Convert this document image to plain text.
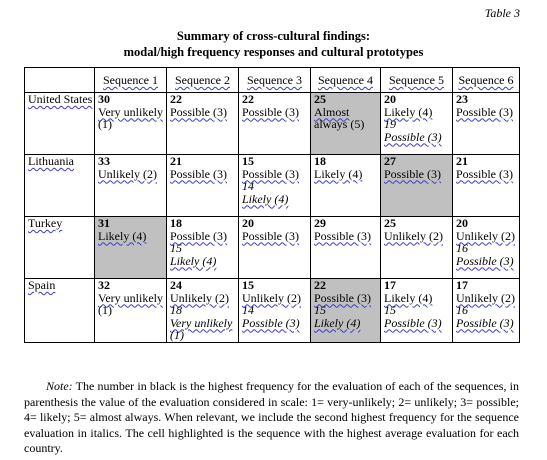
Table 3
Summary of cross-cultural findings:
modal/high frequency responses and cultural prototypes
	Sequence 1	Sequence 2	Sequence 3	Sequence 4	Sequence 5	Sequence 6
United States	30
Very unlikely
(1)	22
Possible (3)	22
Possible (3)	25
Almost
always (5)	20
Likely (4)
19
Possible (3)	23
Possible (3)

Lithuania	33
Unlikely (2)	21
Possible (3)	15
Possible (3)
14
Likely (4)	18
Likely (4)	27
Possible (3)	21
Possible (3)

Turkey	31
Likely (4)	18
Possible (3)
15
Likely (4)	20
Possible (3)	29
Possible (3)	25
Unlikely (2)	20
Unlikely (2)
16
Possible (3)

Spain	32
Very unlikely
(1)	24
Unlikely (2)
18
Very unlikely (1)	15
Unlikely (2)
14
Possible (3)	22
Possible (3)
15
Likely (4)	17
Likely (4)
15
Possible (3)	17
Unlikely (2)
16
Possible (3)
Note: The number in black is the highest frequency for the evaluation of each of the sequences, in parenthesis the value of the evaluation considered in scale: 1= very-unlikely; 2= unlikely; 3= possible; 4= likely; 5= almost always. When relevant, we include the second highest frequency for the sequence evaluation in italics. The cell highlighted is the sequence with the highest average evaluation for each country.
